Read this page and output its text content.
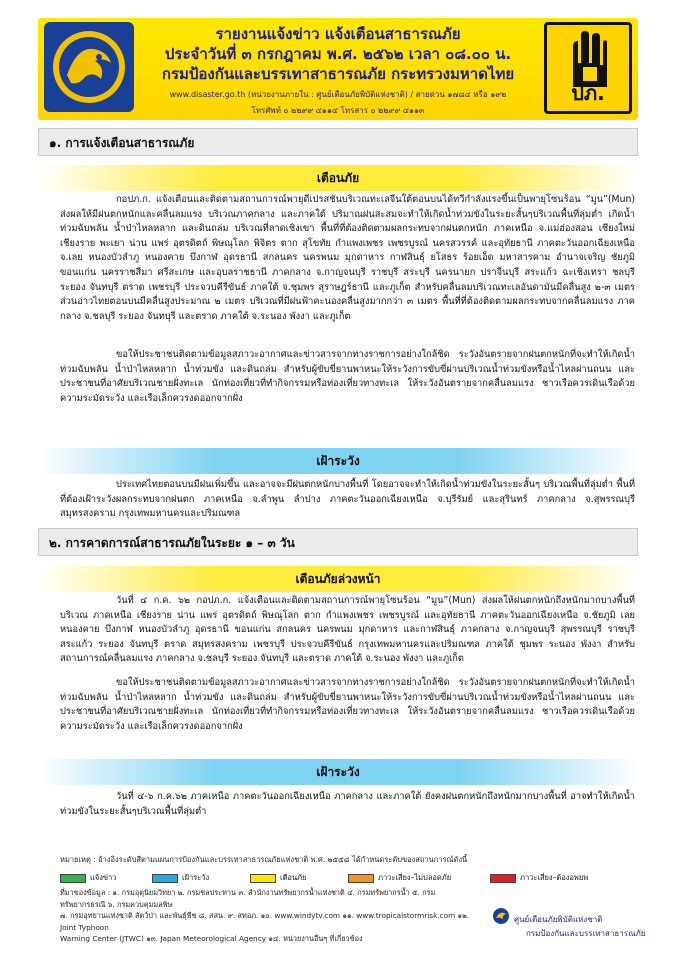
รายงานแจ้งข่าว แจ้งเตือนสาธารณภัย
ประจำวันที่ ๓ กรกฎาคม พ.ศ. ๒๕๖๒ เวลา ๐๘.๐๐ น.
กรมป้องกันและบรรเทาสาธารณภัย กระทรวงมหาดไทย
www.disaster.go.th (หน่วยงานภายใน : ศูนย์เตือนภัยพิบัติแห่งชาติ) / สายด่วน ๑๗๘๔ หรือ ๑๙๒
โทรศัพท์ ๐ ๒๒๙๙ ๔๑๑๔ โทรสาร ๐ ๒๒๙๙ ๔๑๑๓
ปภ.
๑. การแจ้งเตือนสาธารณภัย
เตือนภัย
กอปภ.ก. แจ้งเตือนและติดตามสถานการณ์พายุดีเปรสชันบริเวณทะเลจีนใต้ตอนบนได้ทวีกำลังแรงขึ้นเป็นพายุโซนร้อน “มูน”(Mun) ส่งผลให้มีฝนตกหนักและคลื่นลมแรง บริเวณภาคกลาง และภาคใต้ ปริมาณฝนสะสมจะทำให้เกิดน้ำท่วมขังในระยะสั้นๆบริเวณพื้นที่ลุ่มต่ำ เกิดน้ำท่วมฉับพลัน น้ำป่าไหลหลาก และดินถล่ม บริเวณที่ลาดเชิงเขา พื้นที่ที่ต้องติดตามผลกระทบจากฝนตกหนัก ภาคเหนือ จ.แม่ฮ่องสอน เชียงใหม่ เชียงราย พะเยา น่าน แพร่ อุตรดิตถ์ พิษณุโลก พิจิตร ตาก สุโขทัย กำแพงเพชร เพชรบูรณ์ นครสวรรค์ และอุทัยธานี ภาคตะวันออกเฉียงเหนือ จ.เลย หนองบัวลำภู หนองคาย บึงกาฬ อุดรธานี สกลนคร นครพนม มุกดาหาร กาฬสินธุ์ ยโสธร ร้อยเอ็ด มหาสารคาม อำนาจเจริญ ชัยภูมิ ขอนแก่น นครราชสีมา ศรีสะเกษ และอุบลราชธานี ภาคกลาง จ.กาญจนบุรี ราชบุรี สระบุรี นครนายก ปราจีนบุรี สระแก้ว ฉะเชิงเทรา ชลบุรี ระยอง จันทบุรี ตราด เพชรบุรี ประจวบคีรีขันธ์ ภาคใต้ จ.ชุมพร สุราษฎร์ธานี และภูเก็ต สำหรับคลื่นลมบริเวณทะเลอันดามันมีคลื่นสูง ๒-๓ เมตร ส่วนอ่าวไทยตอนบนมีคลื่นสูงประมาณ ๒ เมตร บริเวณที่มีฝนฟ้าคะนองคลื่นสูงมากกว่า ๓ เมตร พื้นที่ที่ต้องติดตามผลกระทบจากคลื่นลมแรง ภาคกลาง จ.ชลบุรี ระยอง จันทบุรี และตราด ภาคใต้ จ.ระนอง พังงา และภูเก็ต
ขอให้ประชาชนติดตามข้อมูลสภาวะอากาศและข่าวสารจากทางราชการอย่างใกล้ชิด ระวังอันตรายจากฝนตกหนักที่จะทำให้เกิดน้ำท่วมฉับพลัน น้ำป่าไหลหลาก น้ำท่วมขัง และดินถล่ม สำหรับผู้ขับขี่ยานพาหนะให้ระวังการขับขี่ผ่านบริเวณน้ำท่วมขังหรือน้ำไหลผ่านถนน และประชาชนที่อาศัยบริเวณชายฝั่งทะเล นักท่องเที่ยวที่ทำกิจกรรมหรือท่องเที่ยวทางทะเล ให้ระวังอันตรายจากคลื่นลมแรง ชาวเรือควรเดินเรือด้วยความระมัดระวัง และเรือเล็กควรงดออกจากฝั่ง
เฝ้าระวัง
ประเทศไทยตอนบนมีฝนเพิ่มขึ้น และอาจจะมีฝนตกหนักบางพื้นที่ โดยอาจจะทำให้เกิดน้ำท่วมขังในระยะสั้นๆ บริเวณพื้นที่ลุ่มต่ำ พื้นที่ที่ต้องเฝ้าระวังผลกระทบจากฝนตก ภาคเหนือ จ.ลำพูน ลำปาง ภาคตะวันออกเฉียงเหนือ จ.บุรีรัมย์ และสุรินทร์ ภาคกลาง จ.สุพรรณบุรี สมุทรสงคราม กรุงเทพมหานครและปริมณฑล
๒. การคาดการณ์สาธารณภัยในระยะ ๑ – ๓ วัน
เตือนภัยล่วงหน้า
วันที่ ๔ ก.ค. ๖๒ กอปภ.ก. แจ้งเตือนและติดตามสถานการณ์พายุโซนร้อน “มูน”(Mun) ส่งผลให้ฝนตกหนักถึงหนักมากบางพื้นที่ บริเวณ ภาคเหนือ เชียงราย น่าน แพร่ อุตรดิตถ์ พิษณุโลก ตาก กำแพงเพชร เพชรบูรณ์ และอุทัยธานี ภาคตะวันออกเฉียงเหนือ จ.ชัยภูมิ เลย หนองคาย บึงกาฬ หนองบัวลำภู อุดรธานี ขอนแก่น สกลนคร นครพนม มุกดาหาร และกาฬสินธุ์ ภาคกลาง จ.กาญจนบุรี สุพรรณบุรี ราชบุรี สระแก้ว ระยอง จันทบุรี ตราด สมุทรสงคราม เพชรบุรี ประจวบคีรีขันธ์ กรุงเทพมหานครและปริมณฑล ภาคใต้ ชุมพร ระนอง พังงา สำหรับสถานการณ์คลื่นลมแรง ภาคกลาง จ.ชลบุรี ระยอง จันทบุรี และตราด ภาคใต้ จ.ระนอง พังงา และภูเก็ต
ขอให้ประชาชนติดตามข้อมูลสภาวะอากาศและข่าวสารจากทางราชการอย่างใกล้ชิด ระวังอันตรายจากฝนตกหนักที่จะทำให้เกิดน้ำท่วมฉับพลัน น้ำป่าไหลหลาก น้ำท่วมขัง และดินถล่ม สำหรับผู้ขับขี่ยานพาหนะให้ระวังการขับขี่ผ่านบริเวณน้ำท่วมขังหรือน้ำไหลผ่านถนน และประชาชนที่อาศัยบริเวณชายฝั่งทะเล นักท่องเที่ยวที่ทำกิจกรรมหรือท่องเที่ยวทางทะเล ให้ระวังอันตรายจากคลื่นลมแรง ชาวเรือควรเดินเรือด้วยความระมัดระวัง และเรือเล็กควรงดออกจากฝั่ง
เฝ้าระวัง
วันที่ ๔-๖ ก.ค.๖๒ ภาคเหนือ ภาคตะวันออกเฉียงเหนือ ภาคกลาง และภาคใต้ ยังคงฝนตกหนักถึงหนักมากบางพื้นที่ อาจทำให้เกิดน้ำท่วมขังในระยะสั้นๆบริเวณพื้นที่ลุ่มต่ำ
หมายเหตุ : อ้างอิงระดับสีตามแผนการป้องกันและบรรเทาสาธารณภัยแห่งชาติ พ.ศ. ๒๕๕๘ ได้กำหนดระดับของสถานการณ์ดังนี้
แจ้งข่าว	เฝ้าระวัง	เตือนภัย	ภาวะเสี่ยง–ไม่ปลอดภัย	ภาวะเสี่ยง–ต้องอพยพ
ที่มาของข้อมูล : ๑. กรมอุตุนิยมวิทยา ๒. กรมชลประทาน ๓. สำนักงานทรัพยากรน้ำแห่งชาติ ๔. กรมทรัพยากรน้ำ ๕. กรมทรัพยากรธรณี ๖. กรมควบคุมมลพิษ
๗. กรมอุทยานแห่งชาติ สัตว์ป่า และพันธุ์พืช ๘. สสน. ๙. สทอภ. ๑๐. www.windytv.com ๑๑. www.tropicalstormrisk.com ๑๒. Joint Typhoon
Warning Center (JTWC) ๑๓. Japan Meteorological Agency ๑๔. หน่วยงานอื่นๆ ที่เกี่ยวข้อง
ศูนย์เตือนภัยพิบัติแห่งชาติ
กรมป้องกันและบรรเทาสาธารณภัย
